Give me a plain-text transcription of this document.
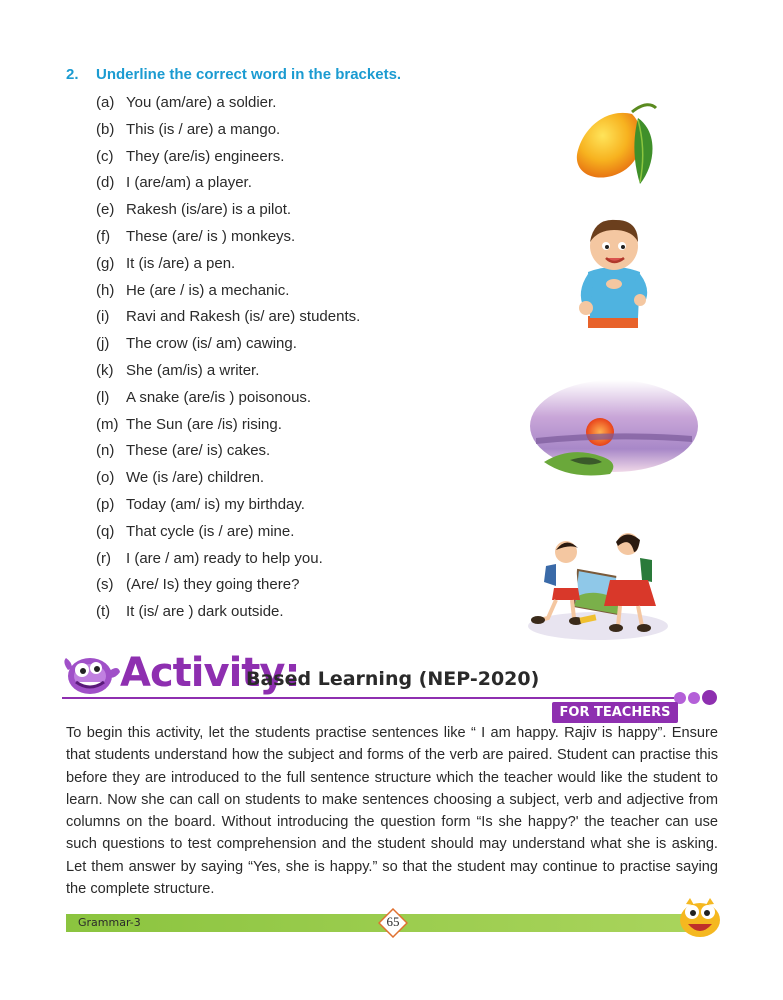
2. Underline the correct word in the brackets.
(a) You (am/are) a soldier.
(b) This (is / are) a mango.
(c) They (are/is) engineers.
(d) I (are/am) a player.
(e) Rakesh (is/are) is a pilot.
(f) These (are/ is ) monkeys.
(g) It (is /are) a pen.
(h) He (are / is) a mechanic.
(i) Ravi and Rakesh (is/ are) students.
(j) The crow (is/ am) cawing.
(k) She (am/is) a writer.
(l) A snake (are/is ) poisonous.
(m) The Sun (are /is) rising.
(n) These (are/ is) cakes.
(o) We (is /are) children.
(p) Today (am/ is) my birthday.
(q) That cycle (is / are) mine.
(r) I (are / am) ready to help you.
(s) (Are/ Is) they going there?
(t) It (is/ are ) dark outside.
Activity:
Based Learning (NEP-2020)
FOR TEACHERS
To begin this activity, let the students practise sentences like “ I am happy. Rajiv is happy”. Ensure that students understand how the subject and forms of the verb are paired. Student can practise this before they are introduced to the full sentence structure which the teacher would like the student to learn. Now she can call on students to make sentences choosing a subject, verb and adjective from columns on the board. Without introducing the question form “Is she happy?' the teacher can use such questions to test comprehension and the student should may understand what she is asking. Let them answer by saying “Yes, she is happy.” so that the student may continue to practise saying the complete structure.
Grammar-3	65
